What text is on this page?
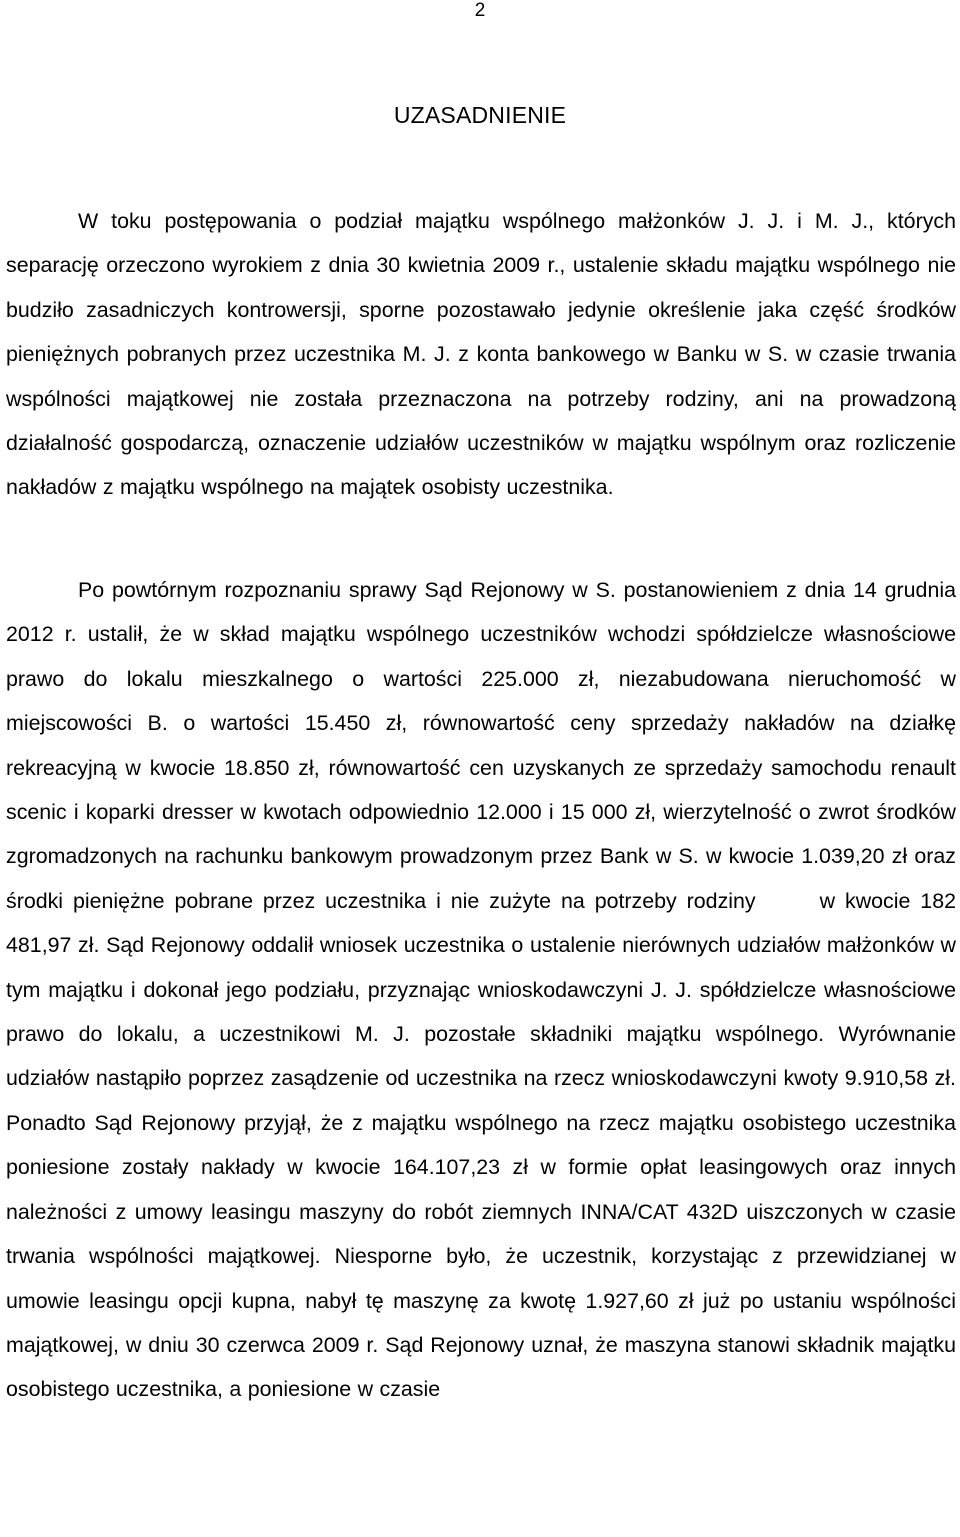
2
UZASADNIENIE

W toku postępowania o podział majątku wspólnego małżonków J. J. i M. J., których separację orzeczono wyrokiem z dnia 30 kwietnia 2009 r., ustalenie składu majątku wspólnego nie budziło zasadniczych kontrowersji, sporne pozostawało jedynie określenie jaka część środków pieniężnych pobranych przez uczestnika M. J. z konta bankowego w Banku w S. w czasie trwania wspólności majątkowej nie została przeznaczona na potrzeby rodziny, ani na prowadzoną działalność gospodarczą, oznaczenie udziałów uczestników w majątku wspólnym oraz rozliczenie nakładów z majątku wspólnego na majątek osobisty uczestnika.

Po powtórnym rozpoznaniu sprawy Sąd Rejonowy w S. postanowieniem z dnia 14 grudnia 2012 r. ustalił, że w skład majątku wspólnego uczestników wchodzi spółdzielcze własnościowe prawo do lokalu mieszkalnego o wartości 225.000 zł, niezabudowana nieruchomość w miejscowości B. o wartości 15.450 zł, równowartość ceny sprzedaży nakładów na działkę rekreacyjną w kwocie 18.850 zł, równowartość cen uzyskanych ze sprzedaży samochodu renault scenic i koparki dresser w kwotach odpowiednio 12.000 i 15 000 zł, wierzytelność o zwrot środków zgromadzonych na rachunku bankowym prowadzonym przez Bank w S. w kwocie 1.039,20 zł oraz środki pieniężne pobrane przez uczestnika i nie zużyte na potrzeby rodziny	w kwocie 182 481,97 zł. Sąd Rejonowy oddalił wniosek uczestnika o ustalenie nierównych udziałów małżonków w tym majątku i dokonał jego podziału, przyznając wnioskodawczyni J. J. spółdzielcze własnościowe prawo do lokalu, a uczestnikowi M. J. pozostałe składniki majątku wspólnego. Wyrównanie udziałów nastąpiło poprzez zasądzenie od uczestnika na rzecz wnioskodawczyni kwoty 9.910,58 zł. Ponadto Sąd Rejonowy przyjął, że z majątku wspólnego na rzecz majątku osobistego uczestnika poniesione zostały nakłady w kwocie 164.107,23 zł w formie opłat leasingowych oraz innych należności z umowy leasingu maszyny do robót ziemnych INNA/CAT 432D uiszczonych w czasie trwania wspólności majątkowej. Niesporne było, że uczestnik, korzystając z przewidzianej w umowie leasingu opcji kupna, nabył tę maszynę za kwotę 1.927,60 zł już po ustaniu wspólności majątkowej, w dniu 30 czerwca 2009 r. Sąd Rejonowy uznał, że maszyna stanowi składnik majątku osobistego uczestnika, a poniesione w czasie
